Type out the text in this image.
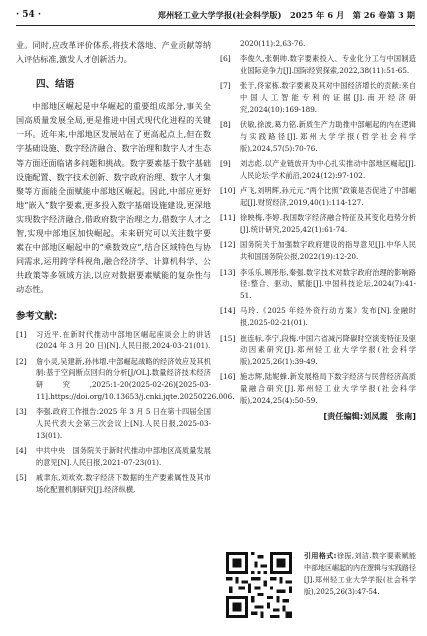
· 54 ·	郑州轻工业大学学报(社会科学版)　2025 年 6 月　第 26 卷第 3 期

业。同时,应改革评价体系,将技术落地、产业贡献等纳入评估标准,激发人才创新活力。

四、结语

中部地区崛起是中华崛起的重要组成部分,事关全国高质量发展全局,更是推进中国式现代化进程的关键一环。近年来,中部地区发展站在了更高起点上,但在数字基础设施、数字经济融合、数字治理和数字人才生态等方面还面临诸多问题和挑战。数字要素基于数字基础设施配置、数字技术创新、数字政府治理、数字人才集聚等方面能全面赋能中部地区崛起。因此,中部应更好地“嵌入”数字要素,更多投入数字基础设施建设,更深地实现数字经济融合,借政府数字治理之力,借数字人才之智,实现中部地区加快崛起。未来研究可以关注数字要素在中部地区崛起中的“乘数效应”,结合区域特色与协同需求,运用跨学科视角,融合经济学、计算机科学、公共政策等多领域方法,以应对数据要素赋能的复杂性与动态性。

参考文献:
[1] 习近平.在新时代推动中部地区崛起座谈会上的讲话(2024 年 3 月 20 日)[N].人民日报,2024-03-21(01).
[2] 詹小灵,吴建新,孙伟增.中部崛起战略的经济效应及其机制:基于空间断点回归的分析[J/OL].数量经济技术经济研究,2025:1-20(2025-02-26)[2025-03-11].https://doi.org/10.13653/j.cnki.jqte.20250226.006.
[3] 李强.政府工作报告:2025 年 3 月 5 日在第十四届全国人民代表大会第三次会议上[N].人民日报,2025-03-13(01).
[4] 中共中央　国务院关于新时代推动中部地区高质量发展的意见[N].人民日报,2021-07-23(01).
[5] 戚聿东,刘欢欢.数字经济下数据的生产要素属性及其市场化配置机制研究[J].经济纵横,
2020(11):2,63-76.
[6] 李俊久,张朝帅.数字要素投入、专业化分工与中国制造业国际竞争力[J].国际经贸探索,2022,38(11):51-65.
[7] 张于,佟家栋.数字要素及其对中国经济增长的贡献:来自中国人工智能专利的证据[J].南开经济研究,2024(10):169-189.
[8] 伏敏,徐波,葛力铭.新质生产力助推中部崛起的内在逻辑与实践路径[J].郑州大学学报(哲学社会科学版),2024,57(5):70-76.
[9] 刘志彪.以产业链放开为中心扎实推动中部地区崛起[J].人民论坛·学术前沿,2024(12):97-102.
[10] 卢飞,刘明辉,孙元元.“两个比照”政策是否促进了中部崛起[J].财贸经济,2019,40(1):114-127.
[11] 徐映梅,李婷.我国数字经济融合特征及其变化趋势分析[J].统计研究,2025,42(1):61-74.
[12] 国务院关于加强数字政府建设的指导意见[J].中华人民共和国国务院公报,2022(19):12-20.
[13] 李乐乐,顾彤彤,秦强.数字技术对数字政府治理的影响路径:整合、驱动、赋能[J].中国科技论坛,2024(7):41-51.
[14] 马玲.《2025 年经外资行动方案》发布[N].金融时报,2025-02-21(01).
[15] 崔连标,李宁,段梅.中国六省减污降碳时空演变特征及驱动因素研究[J].郑州轻工业大学学报(社会科学版),2025,26(1):39-49.
[16] 施志辉,陆妮蜂.新发展格局下数字经济与民营经济高质量融合研究[J].郑州轻工业大学学报(社会科学版),2024,25(4):50-59.
[责任编辑:刘凤霞　张南]
引用格式:徐振,刘洁.数字要素赋能中部地区崛起的内在逻辑与实践路径[J].郑州轻工业大学学报(社会科学版),2025,26(3):47-54.
